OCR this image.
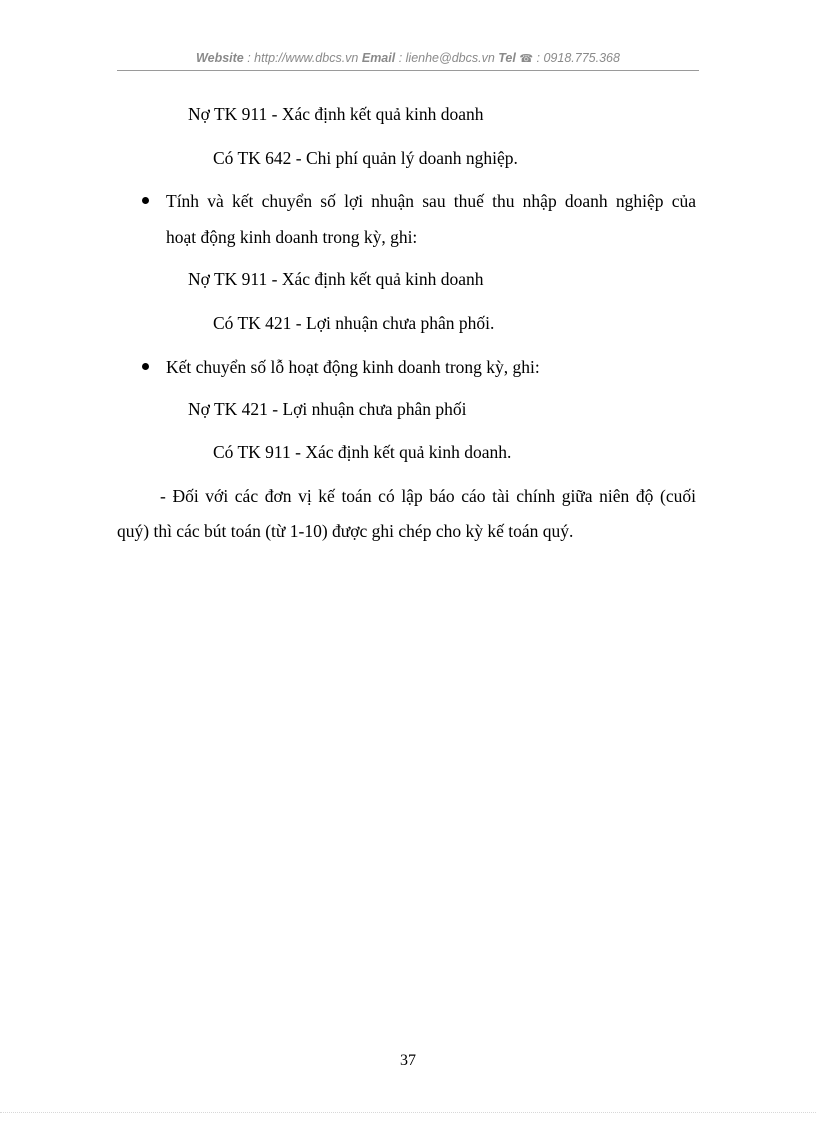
Website : http://www.dbcs.vn Email : lienhe@dbcs.vn Tel ☎ : 0918.775.368
Nợ TK 911 - Xác định kết quả kinh doanh
Có TK 642 - Chi phí quản lý doanh nghiệp.
Tính và kết chuyển số lợi nhuận sau thuế thu nhập doanh nghiệp của
hoạt động kinh doanh trong kỳ, ghi:
Nợ TK 911 - Xác định kết quả kinh doanh
Có TK 421 - Lợi nhuận chưa phân phối.
Kết chuyển số lỗ hoạt động kinh doanh trong kỳ, ghi:
Nợ TK 421 - Lợi nhuận chưa phân phối
Có TK 911 - Xác định kết quả kinh doanh.
- Đối với các đơn vị kế toán có lập báo cáo tài chính giữa niên độ (cuối
quý) thì các bút toán (từ 1-10) được ghi chép cho kỳ kế toán quý.
37
